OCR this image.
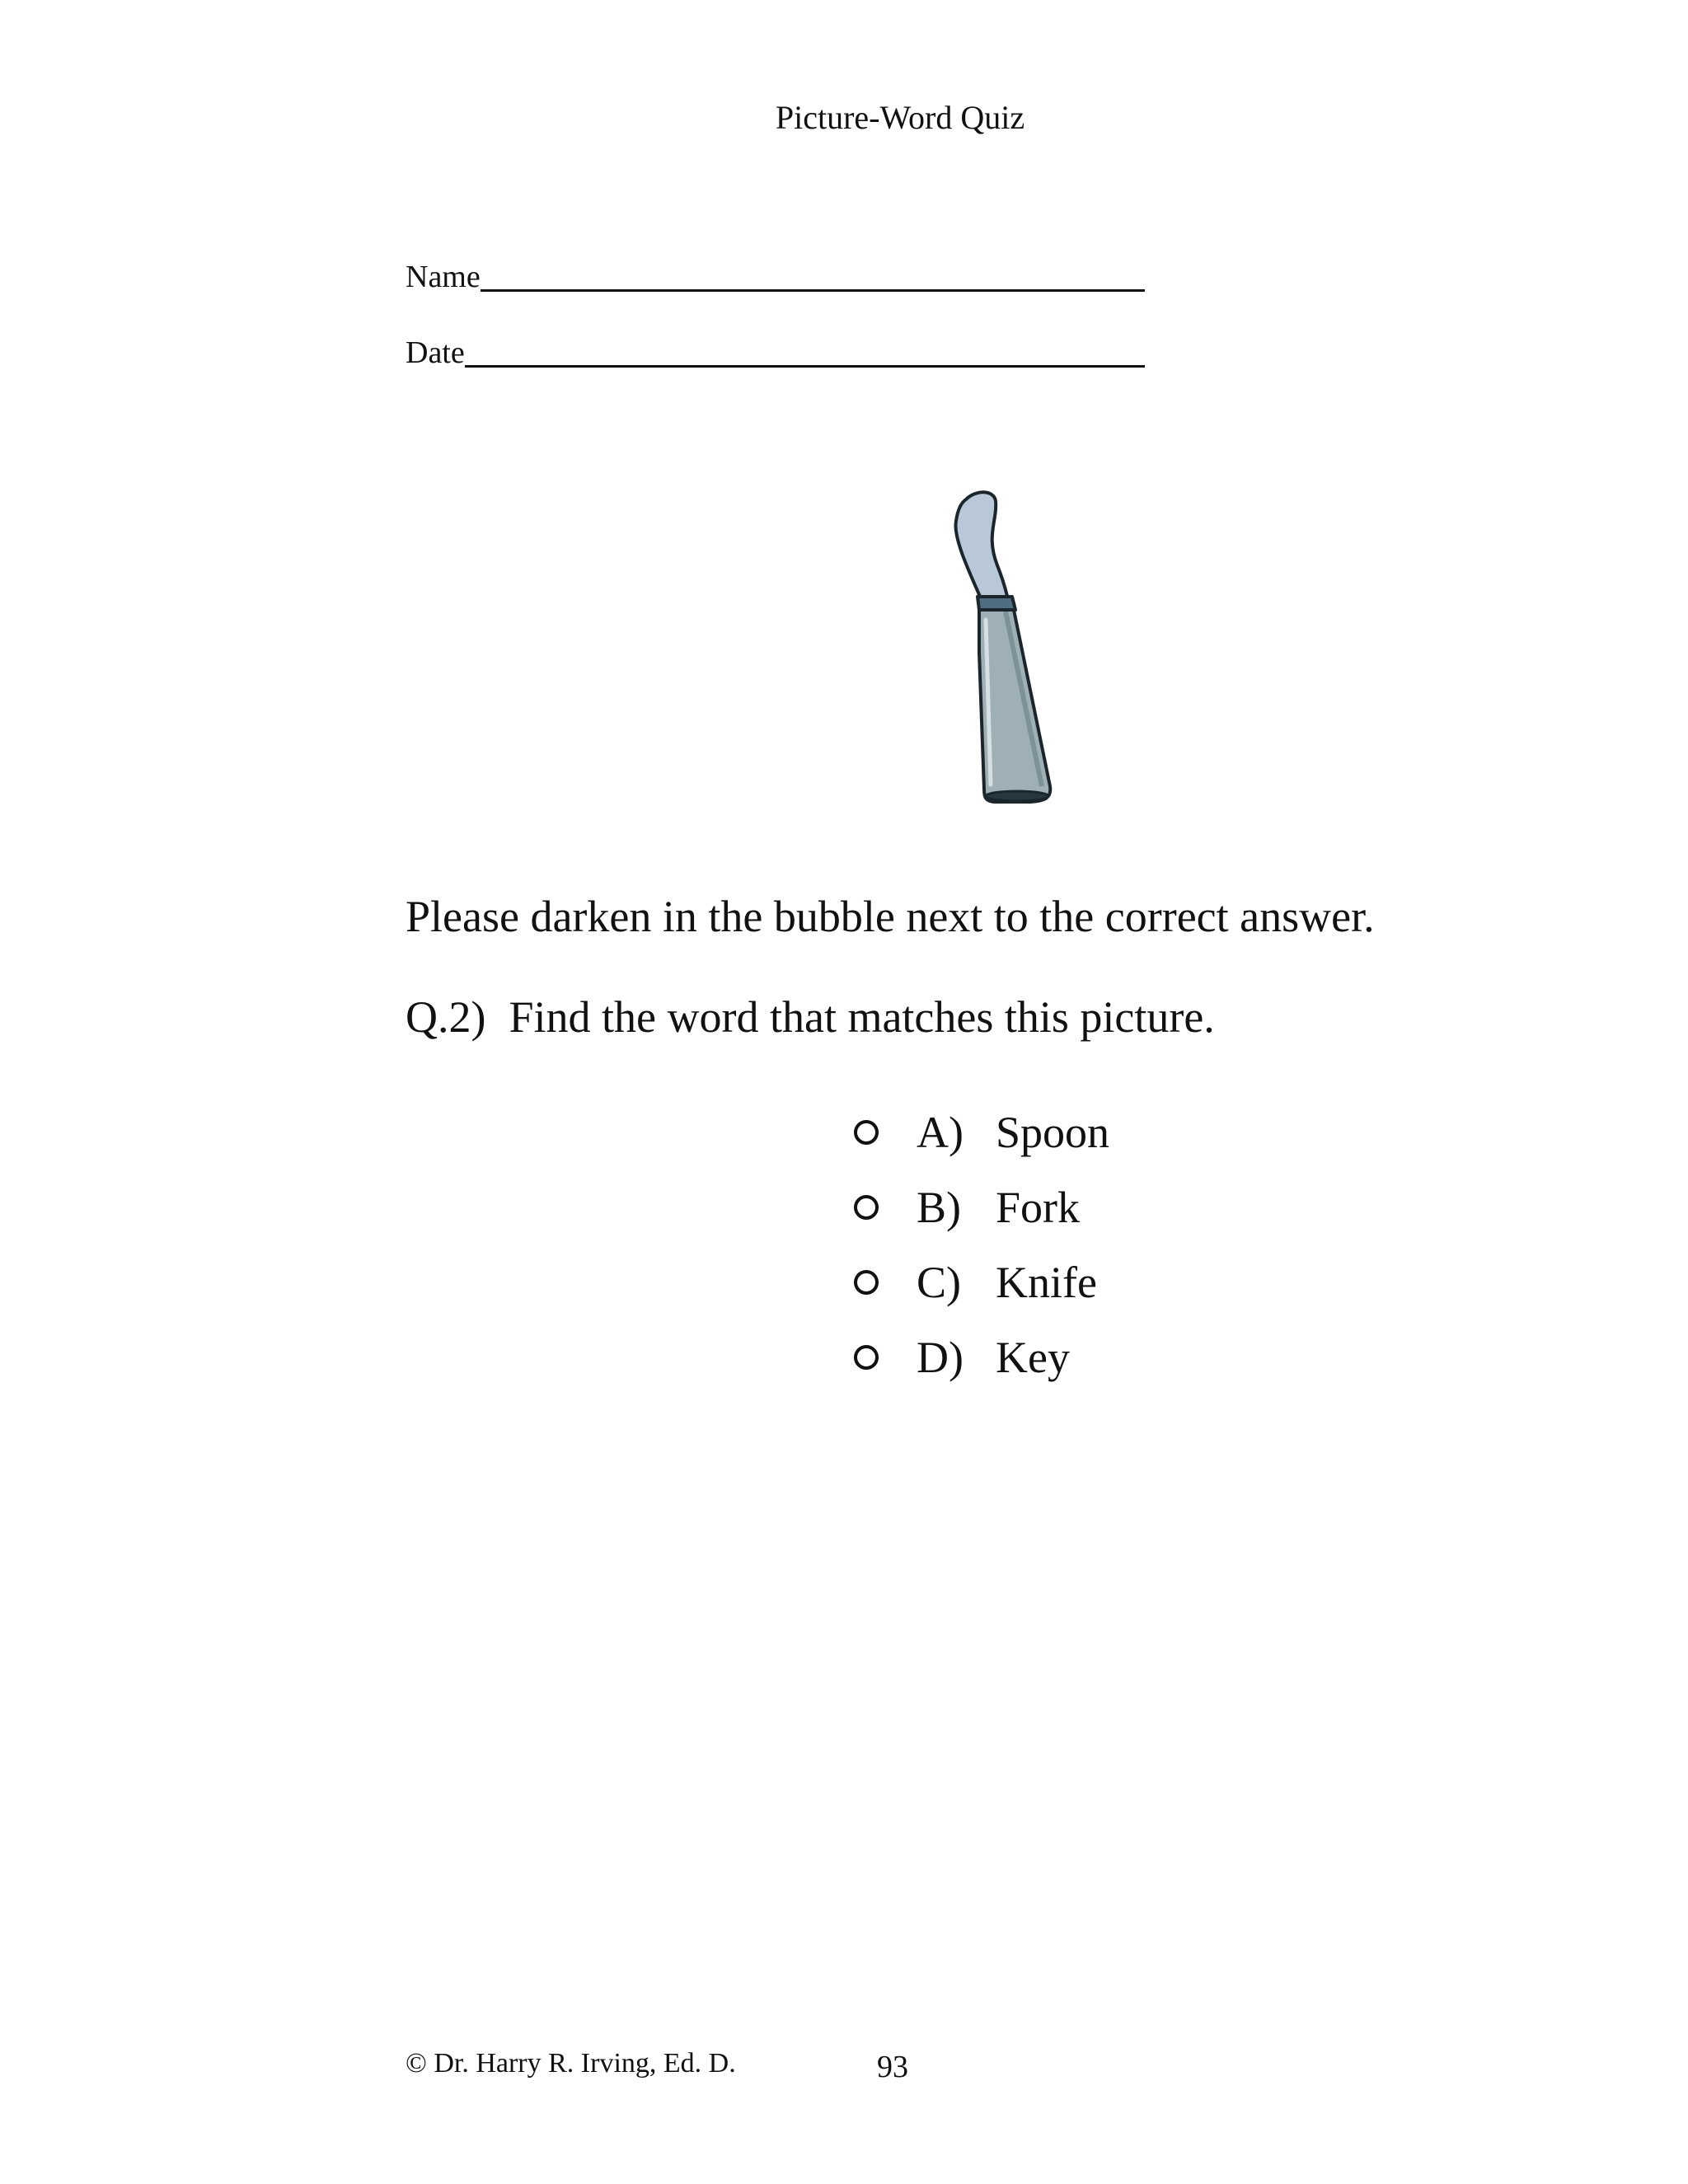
Picture-Word Quiz
Name
Date
Please darken in the bubble next to the correct answer.
Q.2) Find the word that matches this picture.
A) Spoon
B) Fork
C) Knife
D) Key
© Dr. Harry R. Irving, Ed. D.	93
